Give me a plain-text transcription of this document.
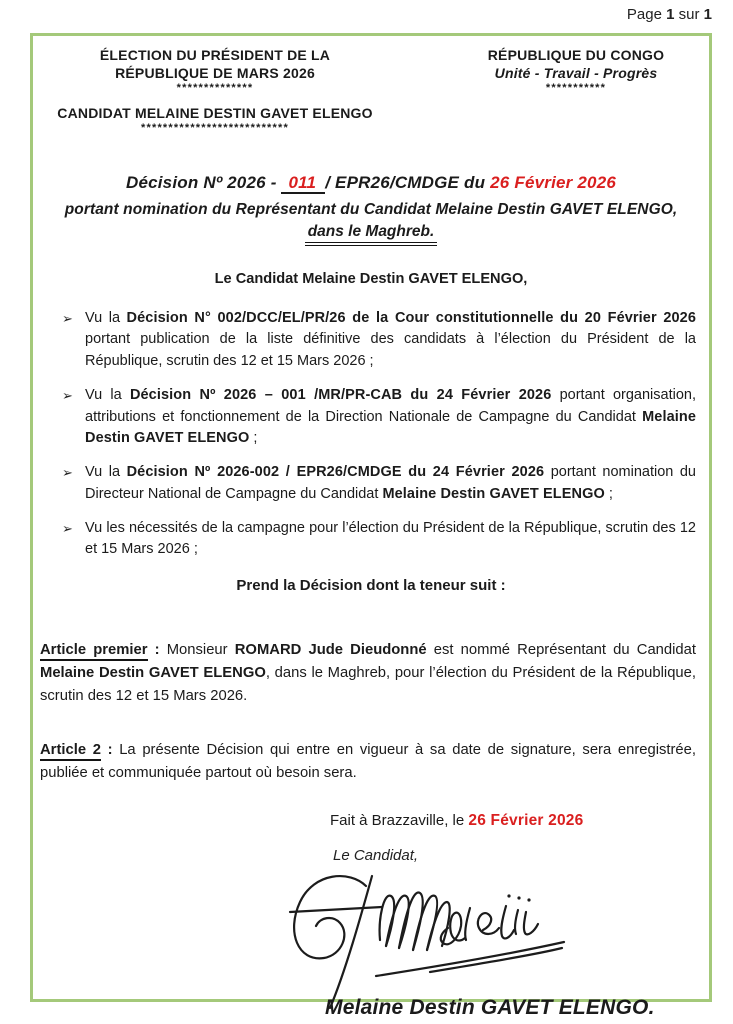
Page 1 sur 1
ÉLECTION DU PRÉSIDENT DE LA
RÉPUBLIQUE DE MARS 2026
**************
CANDIDAT MELAINE DESTIN GAVET ELENGO
***************************
RÉPUBLIQUE DU CONGO
Unité - Travail - Progrès
***********
Décision Nº 2026 - 011 / EPR26/CMDGE du 26 Février 2026
portant nomination du Représentant du Candidat Melaine Destin GAVET ELENGO,
dans le Maghreb.
Le Candidat Melaine Destin GAVET ELENGO,
➢ Vu la Décision N° 002/DCC/EL/PR/26 de la Cour constitutionnelle du 20 Février 2026 portant publication de la liste définitive des candidats à l’élection du Président de la République, scrutin des 12 et 15 Mars 2026 ;
➢ Vu la Décision Nº 2026 – 001 /MR/PR-CAB du 24 Février 2026 portant organisation, attributions et fonctionnement de la Direction Nationale de Campagne du Candidat Melaine Destin GAVET ELENGO ;
➢ Vu la Décision Nº 2026-002 / EPR26/CMDGE du 24 Février 2026 portant nomination du Directeur National de Campagne du Candidat Melaine Destin GAVET ELENGO ;
➢ Vu les nécessités de la campagne pour l’élection du Président de la République, scrutin des 12 et 15 Mars 2026 ;
Prend la Décision dont la teneur suit :

Article premier : Monsieur ROMARD Jude Dieudonné est nommé Représentant du Candidat Melaine Destin GAVET ELENGO, dans le Maghreb, pour l’élection du Président de la République, scrutin des 12 et 15 Mars 2026.

Article 2 : La présente Décision qui entre en vigueur à sa date de signature, sera enregistrée, publiée et communiquée partout où besoin sera.

Fait à Brazzaville, le 26 Février 2026
Le Candidat,
Melaine Destin GAVET ELENGO.
